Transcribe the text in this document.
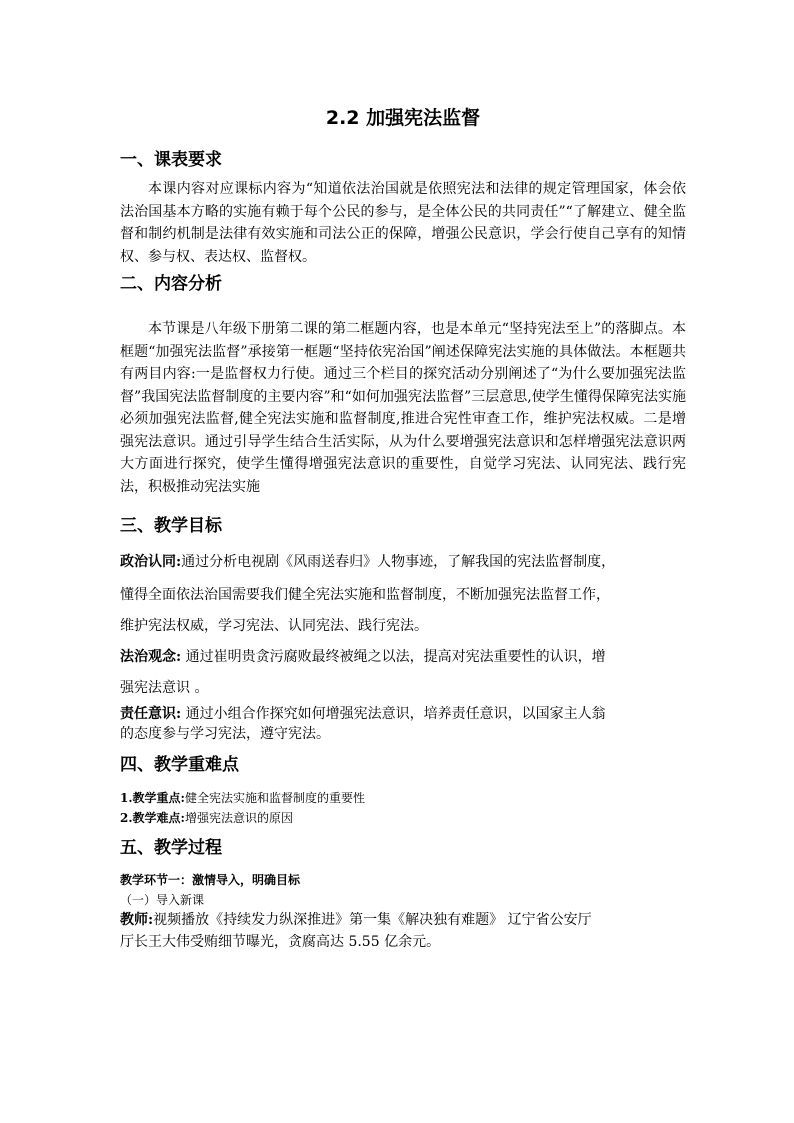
2.2 加强宪法监督
一、课表要求
本课内容对应课标内容为“知道依法治国就是依照宪法和法律的规定管理国家，体会依法治国基本方略的实施有赖于每个公民的参与，是全体公民的共同责任”“了解建立、健全监督和制约机制是法律有效实施和司法公正的保障，增强公民意识，学会行使自己享有的知情权、参与权、表达权、监督权。
二、内容分析
本节课是八年级下册第二课的第二框题内容，也是本单元“坚持宪法至上”的落脚点。本框题“加强宪法监督”承接第一框题“坚持依宪治国”阐述保障宪法实施的具体做法。本框题共有两目内容:一是监督权力行使。通过三个栏目的探究活动分别阐述了“为什么要加强宪法监督”我国宪法监督制度的主要内容”和“如何加强宪法监督”三层意思,使学生懂得保障宪法实施必须加强宪法监督,健全宪法实施和监督制度,推进合宪性审查工作，维护宪法权威。二是增强宪法意识。通过引导学生结合生活实际，从为什么要增强宪法意识和怎样增强宪法意识两大方面进行探究，使学生懂得增强宪法意识的重要性，自觉学习宪法、认同宪法、践行宪法，积极推动宪法实施
三、教学目标
政治认同:通过分析电视剧《风雨送春归》人物事迹，了解我国的宪法监督制度，
懂得全面依法治国需要我们健全宪法实施和监督制度，不断加强宪法监督工作，
维护宪法权威，学习宪法、认同宪法、践行宪法。
法治观念: 通过崔明贵贪污腐败最终被绳之以法，提高对宪法重要性的认识，增
强宪法意识 。
责任意识: 通过小组合作探究如何增强宪法意识，培养责任意识，以国家主人翁
的态度参与学习宪法，遵守宪法。
四、教学重难点
1.教学重点:健全宪法实施和监督制度的重要性
2.教学难点:增强宪法意识的原因
五、教学过程
教学环节一：激情导入，明确目标
（一）导入新课
教师:视频播放《持续发力纵深推进》第一集《解决独有难题》 辽宁省公安厅
厅长王大伟受贿细节曝光，贪腐高达 5.55 亿余元。
